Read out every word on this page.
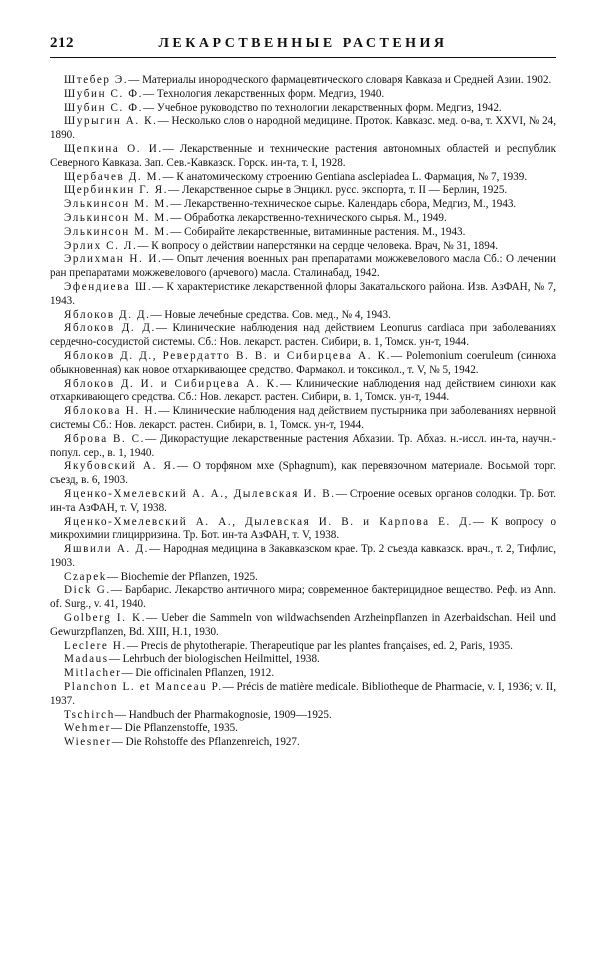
212	ЛЕКАРСТВЕННЫЕ РАСТЕНИЯ

Штебер Э.— Материалы инородческого фармацевтического словаря Кавказа и Средней Азии. 1902.

Шубин С. Ф.— Технология лекарственных форм. Медгиз, 1940.

Шубин С. Ф.— Учебное руководство по технологии лекарственных форм. Медгиз, 1942.

Шурыгин А. К.— Несколько слов о народной медицине. Проток. Кавказс. мед. о-ва, т. XXVI, № 24, 1890.

Щепкина О. И.— Лекарственные и технические растения автономных областей и республик Северного Кавказа. Зап. Сев.-Кавказск. Горск. ин-та, т. I, 1928.

Щербачев Д. М.— К анатомическому строению Gentiana asclepiadea L. Фармация, № 7, 1939.

Щербинкин Г. Я.— Лекарственное сырье в Энцикл. русс. экспорта, т. II — Берлин, 1925.

Элькинсон М. М.— Лекарственно-техническое сырье. Календарь сбора, Медгиз, М., 1943.

Элькинсон М. М.— Обработка лекарственно-технического сырья. М., 1949.

Элькинсон М. М.— Собирайте лекарственные, витаминные растения. М., 1943.

Эрлих С. Л.— К вопросу о действии наперстянки на сердце человека. Врач, № 31, 1894.

Эрлихман Н. И.— Опыт лечения военных ран препаратами можжевелового масла Сб.: О лечении ран препаратами можжевелового (арчевого) масла. Сталинабад, 1942.

Эфендиева Ш.— К характеристике лекарственной флоры Закатальского района. Изв. АзФАН, № 7, 1943.

Яблоков Д. Д.— Новые лечебные средства. Сов. мед., № 4, 1943.

Яблоков Д. Д.— Клинические наблюдения над действием Leonurus cardiaca при заболеваниях сердечно-сосудистой системы. Сб.: Нов. лекарст. растен. Сибири, в. 1, Томск. ун-т, 1944.

Яблоков Д. Д., Ревердатто В. В. и Сибирцева А. К.— Polemonium coeruleum (синюха обыкновенная) как новое отхаркивающее средство. Фармакол. и токсикол., т. V, № 5, 1942.

Яблоков Д. И. и Сибирцева А. К.— Клинические наблюдения над действием синюхи как отхаркивающего средства. Сб.: Нов. лекарст. растен. Сибири, в. 1, Томск. ун-т, 1944.

Яблокова Н. Н.— Клинические наблюдения над действием пустырника при заболеваниях нервной системы Сб.: Нов. лекарст. растен. Сибири, в. 1, Томск. ун-т, 1944.

Яброва В. С.— Дикорастущие лекарственные растения Абхазии. Тр. Абхаз. н.-иссл. ин-та, научн.-попул. сер., в. 1, 1940.

Якубовский А. Я.— О торфяном мхе (Sphagnum), как перевязочном материале. Восьмой торг. съезд, в. 6, 1903.

Яценко-Хмелевский А. А., Дылевская И. В.— Строение осевых органов солодки. Тр. Бот. ин-та АзФАН, т. V, 1938.

Яценко-Хмелевский А. А., Дылевская И. В. и Карпова Е. Д.— К вопросу о микрохимии глицирризина. Тр. Бот. ин-та АзФАН, т. V, 1938.

Яшвили А. Д.— Народная медицина в Закавказском крае. Тр. 2 съезда кавказск. врач., т. 2, Тифлис, 1903.

Czapek— Biochemie der Pflanzen, 1925.

Dick G.— Барбарис. Лекарство античного мира; современное бактерицидное вещество. Реф. из Ann. of. Surg., v. 41, 1940.

Golberg I. K.— Ueber die Sammeln von wildwachsenden Arzheinpflanzen in Azerbaidschan. Heil und Gewurzpflanzen, Bd. XIII, H.1, 1930.

Leclere H.— Precis de phytotherapie. Therapeutique par les plantes françaises, ed. 2, Paris, 1935.

Madaus— Lehrbuch der biologischen Heilmittel, 1938.

Mitlacher— Die officinalen Pflanzen, 1912.

Planchon L. et Manceau P.— Précis de matière medicale. Bibliotheque de Pharmacie, v. I, 1936; v. II, 1937.

Tschirch— Handbuch der Pharmakognosie, 1909—1925.

Wehmer— Die Pflanzenstoffe, 1935.

Wiesner— Die Rohstoffe des Pflanzenreich, 1927.
